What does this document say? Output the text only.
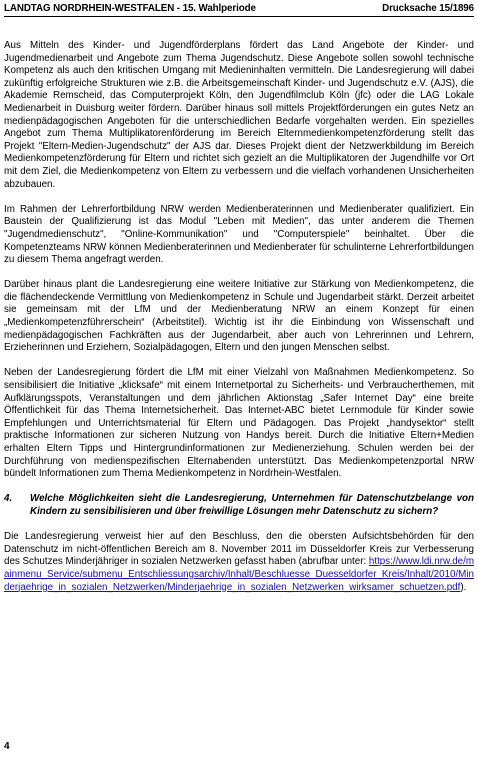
LANDTAG NORDRHEIN-WESTFALEN - 15. Wahlperiode	Drucksache 15/1896

Aus Mitteln des Kinder- und Jugendförderplans fördert das Land Angebote der Kinder- und Jugendmedienarbeit und Angebote zum Thema Jugendschutz. Diese Angebote sollen sowohl technische Kompetenz als auch den kritischen Umgang mit Medieninhalten vermitteln. Die Landesregierung will dabei zukünftig erfolgreiche Strukturen wie z.B. die Arbeitsgemeinschaft Kinder- und Jugendschutz e.V. (AJS), die Akademie Remscheid, das Computerprojekt Köln, den Jugendfilmclub Köln (jfc) oder die LAG Lokale Medienarbeit in Duisburg weiter fördern. Darüber hinaus soll mittels Projektförderungen ein gutes Netz an medienpädagogischen Angeboten für die unterschiedlichen Bedarfe vorgehalten werden. Ein spezielles Angebot zum Thema Multiplikatorenförderung im Bereich Elternmedienkompetenzförderung stellt das Projekt "Eltern-Medien-Jugendschutz" der AJS dar. Dieses Projekt dient der Netzwerkbildung im Bereich Medienkompetenzförderung für Eltern und richtet sich gezielt an die Multiplikatoren der Jugendhilfe vor Ort mit dem Ziel, die Medienkompetenz von Eltern zu verbessern und die vielfach vorhandenen Unsicherheiten abzubauen.

Im Rahmen der Lehrerfortbildung NRW werden Medienberaterinnen und Medienberater qualifiziert. Ein Baustein der Qualifizierung ist das Modul "Leben mit Medien", das unter anderem die Themen "Jugendmedienschutz", "Online-Kommunikation" und "Computerspiele" beinhaltet. Über die Kompetenzteams NRW können Medienberaterinnen und Medienberater für schulinterne Lehrerfortbildungen zu diesem Thema angefragt werden.

Darüber hinaus plant die Landesregierung eine weitere Initiative zur Stärkung von Medienkompetenz, die die flächendeckende Vermittlung von Medienkompetenz in Schule und Jugendarbeit stärkt. Derzeit arbeitet sie gemeinsam mit der LfM und der Medienberatung NRW an einem Konzept für einen „Medienkompetenzführerschein“ (Arbeitstitel). Wichtig ist ihr die Einbindung von Wissenschaft und medienpädagogischen Fachkräften aus der Jugendarbeit, aber auch von Lehrerinnen und Lehrern, Erzieherinnen und Erziehern, Sozialpädagogen, Eltern und den jungen Menschen selbst.

Neben der Landesregierung fördert die LfM mit einer Vielzahl von Maßnahmen Medienkompetenz. So sensibilisiert die Initiative „klicksafe“ mit einem Internetportal zu Sicherheits- und Verbraucherthemen, mit Aufklärungsspots, Veranstaltungen und dem jährlichen Aktionstag „Safer Internet Day“ eine breite Öffentlichkeit für das Thema Internetsicherheit. Das Internet-ABC bietet Lernmodule für Kinder sowie Empfehlungen und Unterrichtsmaterial für Eltern und Pädagogen. Das Projekt „handysektor“ stellt praktische Informationen zur sicheren Nutzung von Handys bereit. Durch die Initiative Eltern+Medien erhalten Eltern Tipps und Hintergrundinformationen zur Medienerziehung. Schulen werden bei der Durchführung von medienspezifischen Elternabenden unterstützt. Das Medienkompetenzportal NRW bündelt Informationen zum Thema Medienkompetenz in Nordrhein-Westfalen.

4.	Welche Möglichkeiten sieht die Landesregierung, Unternehmen für Datenschutzbelange von Kindern zu sensibilisieren und über freiwillige Lösungen mehr Datenschutz zu sichern?

Die Landesregierung verweist hier auf den Beschluss, den die obersten Aufsichtsbehörden für den Datenschutz im nicht-öffentlichen Bereich am 8. November 2011 im Düsseldorfer Kreis zur Verbesserung des Schutzes Minderjähriger in sozialen Netzwerken gefasst haben (abrufbar unter: https://www.ldi.nrw.de/mainmenu_Service/submenu_Entschliessungsarchiv/Inhalt/Beschluesse_Duesseldorfer_Kreis/Inhalt/2010/Minderjaehrige_in_sozialen_Netzwerken/Minderjaehrige_in_sozialen_Netzwerken_wirksamer_schuetzen.pdf).

4
